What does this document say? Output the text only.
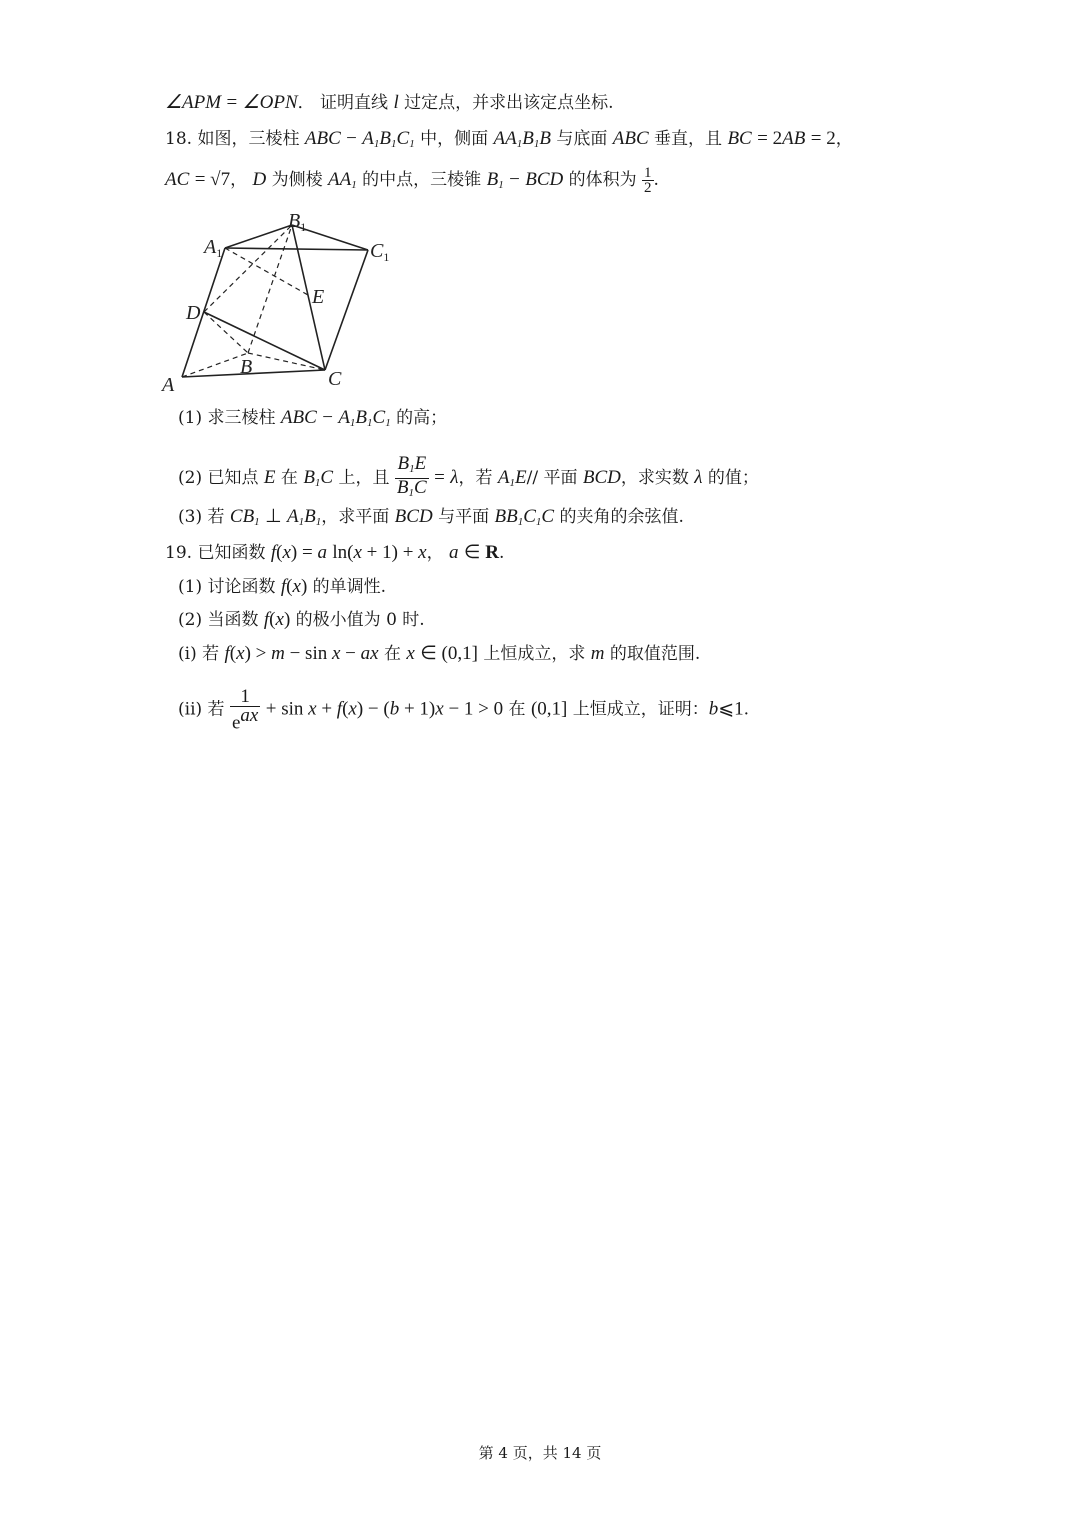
∠APM = ∠OPN． 证明直线 l 过定点，并求出该定点坐标.
18. 如图，三棱柱 ABC − $A_1B_1C_1$ 中，侧面 $AA_1B_1B$ 与底面 ABC 垂直，且 BC = 2AB = 2，
AC = √7， D 为侧棱 $AA_1$ 的中点，三棱锥 $B_1$ − BCD 的体积为 $\frac{1}{2}$ .
A
B
C
D
E
$A_1$
$B_1$
$C_1$
(1) 求三棱柱 ABC − $A_1B_1C_1$ 的高；
(2) 已知点 E 在 $B_1C$ 上，且 $\frac{B_1E}{B_1C} = \lambda$，若 $A_1E//$ 平面 BCD，求实数 λ 的值；
(3) 若 $CB_1$ ⊥ $A_1B_1$，求平面 BCD 与平面 $BB_1C_1C$ 的夹角的余弦值.
19. 已知函数 f(x) = a ln(x + 1) + x， a ∈ R.
(1) 讨论函数 f(x) 的单调性.
(2) 当函数 f(x) 的极小值为 0 时.
(i) 若 f(x) > m − sin x − ax 在 x ∈ (0,1] 上恒成立，求 m 的取值范围.
(ii) 若 $\frac{1}{e^{ax}} + \sin x + f(x) - (b + 1)x - 1 > 0$ 在 (0,1] 上恒成立，证明：b⩽1.
第 4 页，共 14 页
